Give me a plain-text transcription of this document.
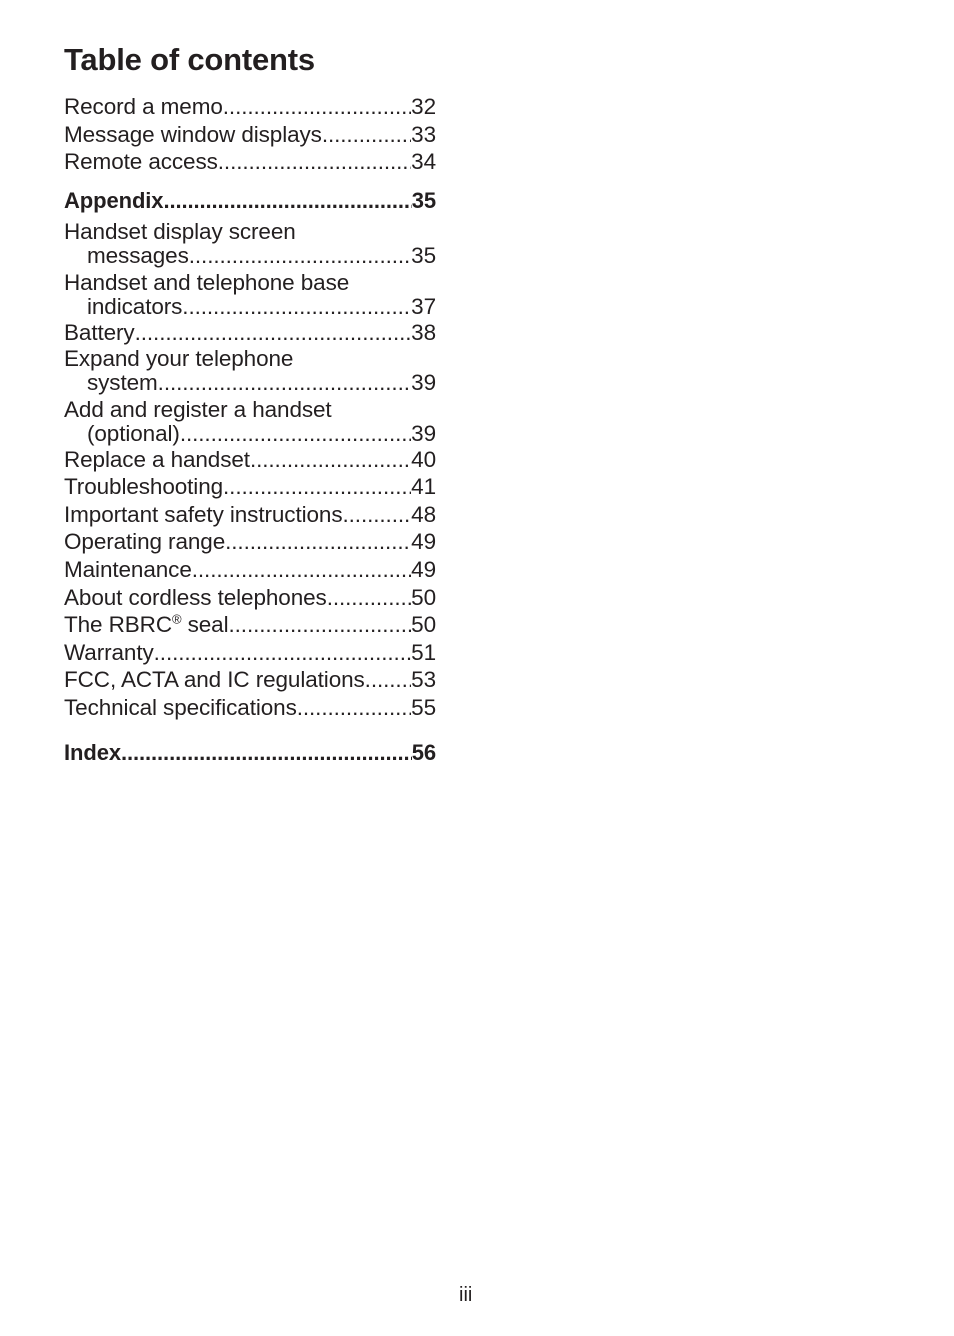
Table of contents
Record a memo .....	32
Message window displays .....	33
Remote access .....	34
Appendix .....	35
Handset display screen
messages .....	35
Handset and telephone base
indicators .....	37
Battery .....	38
Expand your telephone
system .....	39
Add and register a handset
(optional) .....	39
Replace a handset .....	40
Troubleshooting .....	41
Important safety instructions .....	48
Operating range .....	49
Maintenance .....	49
About cordless telephones .....	50
The RBRC® seal .....	50
Warranty .....	51
FCC, ACTA and IC regulations ..... 53
Technical specifications .....	55
Index .....	56
iii
